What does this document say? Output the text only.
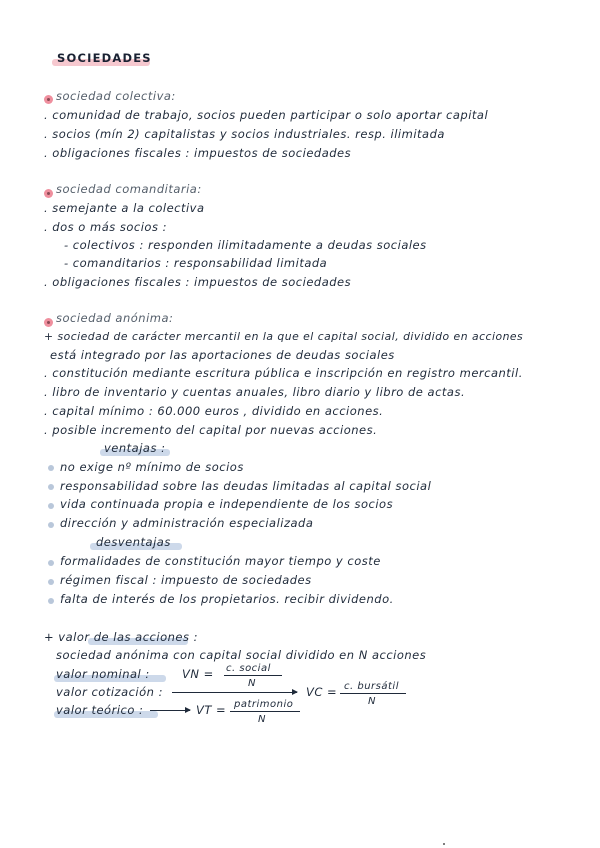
SOCIEDADES
sociedad colectiva:
. comunidad de trabajo, socios pueden participar o solo aportar capital
. socios (mín 2) capitalistas y socios industriales. resp. ilimitada
. obligaciones fiscales : impuestos de sociedades
sociedad comanditaria:
. semejante a la colectiva
. dos o más socios :
- colectivos : responden ilimitadamente a deudas sociales
- comanditarios : responsabilidad limitada
. obligaciones fiscales : impuestos de sociedades
sociedad anónima:
+ sociedad de carácter mercantil en la que el capital social, dividido en acciones
está integrado por las aportaciones de deudas sociales
. constitución mediante escritura pública e inscripción en registro mercantil.
. libro de inventario y cuentas anuales, libro diario y libro de actas.
. capital mínimo : 60.000 euros , dividido en acciones.
. posible incremento del capital por nuevas acciones.
ventajas :
no exige nº mínimo de socios
responsabilidad sobre las deudas limitadas al capital social
vida continuada propia e independiente de los socios
dirección y administración especializada
desventajas
formalidades de constitución mayor tiempo y coste
régimen fiscal : impuesto de sociedades
falta de interés de los propietarios. recibir dividendo.
+ valor de las acciones :
sociedad anónima con capital social dividido en N acciones
valor nominal :	VN = c. social
N
valor cotización :	VC = c. bursátil
N
valor teórico :	VT = patrimonio
N
